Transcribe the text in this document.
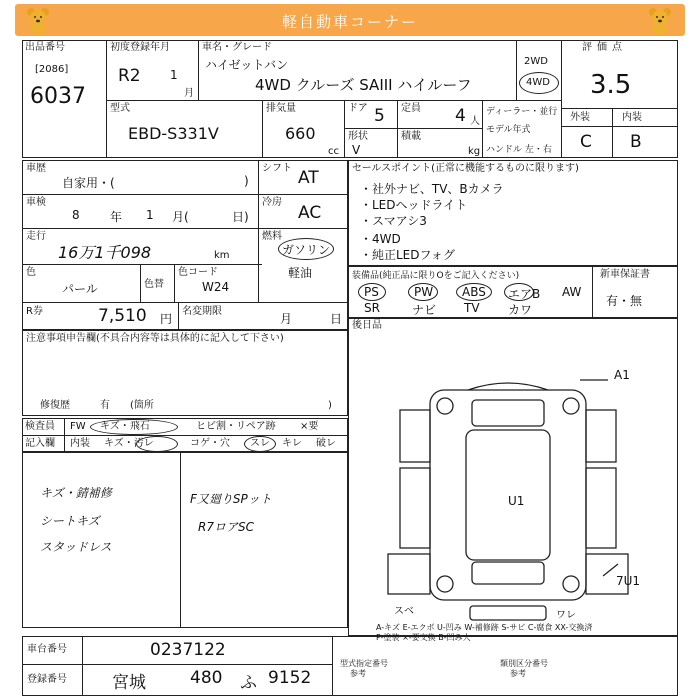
軽自動車コーナー
出品番号
[2086]
6037
初度登録年月
R2 1
月
車名・グレード
ハイゼットバン
4WD クルーズ SAIII ハイルーフ
2WD
4WD
評価点
3.5
外装	内装
C B
型式
EBD-S331V
排気量
660
cc
ドア 5
形状
V
定員 4 人
積載
kg
ディーラー・並行
モデル年式
ハンドル 左・右
車歴
自家用・(	)
シフト AT
車検
8	年 1 月(	日)
冷房
AC
走行
16万1千098	km
燃料
ガソリン
軽油
色
パール	色替
色コード
W24
R券	7,510 円
名変期限
月	日
セールスポイント(正常に機能するものに限ります)
・社外ナビ、TV、Bカメラ
・LEDヘッドライト
・スマアシ3
・4WD
・純正LEDフォグ
装備品(純正品に限りOをご記入ください)	新車保証書
有・無
PS	PW ABS エアB AW
SR	ナビ TV カワ
後日品
注意事項申告欄(不具合内容等は具体的に記入して下さい)
修復歴	有 (箇所	)
検査員
記入欄
FW キズ・飛石	ヒビ割・リペア跡 ×要
内装 キズ・汚レ	コゲ・穴 スレ キレ 破レ
キズ・錆補修
シートキズ
スタッドレス
F又廻りSPット
R7ロアSC
A1
U1
7U1
スベ	ワレ
A-キズ E-エクボ U-凹み W-補修跡 S-サビ C-腐食 XX-交換済
P-塗装 ×-要交換 B-凹み大
車台番号	0237122
登録番号	宮城	480 ふ 9152
型式指定番号
参考
類別区分番号
参考
